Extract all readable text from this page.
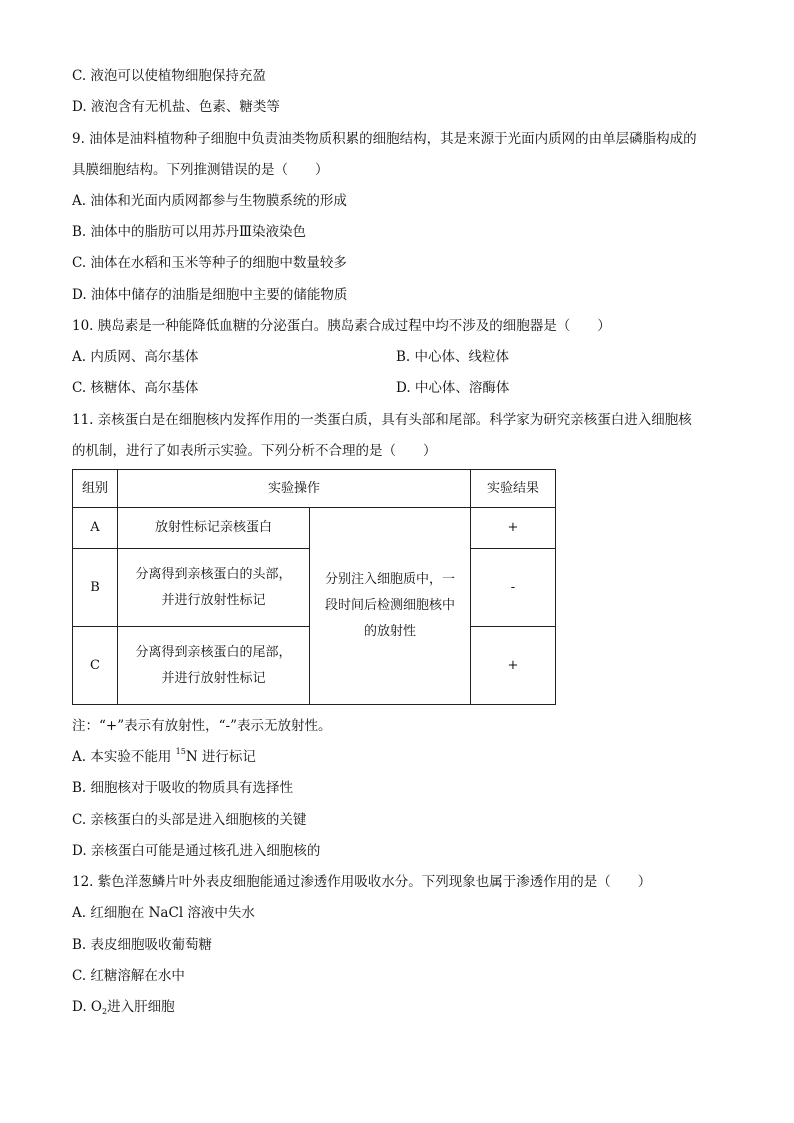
C. 液泡可以使植物细胞保持充盈
D. 液泡含有无机盐、色素、糖类等
9. 油体是油料植物种子细胞中负责油类物质积累的细胞结构，其是来源于光面内质网的由单层磷脂构成的
具膜细胞结构。下列推测错误的是（　　）
A. 油体和光面内质网都参与生物膜系统的形成
B. 油体中的脂肪可以用苏丹Ⅲ染液染色
C. 油体在水稻和玉米等种子的细胞中数量较多
D. 油体中储存的油脂是细胞中主要的储能物质
10. 胰岛素是一种能降低血糖的分泌蛋白。胰岛素合成过程中均不涉及的细胞器是（　　）
A. 内质网、高尔基体	B. 中心体、线粒体
C. 核糖体、高尔基体	D. 中心体、溶酶体
11. 亲核蛋白是在细胞核内发挥作用的一类蛋白质，具有头部和尾部。科学家为研究亲核蛋白进入细胞核
的机制，进行了如表所示实验。下列分析不合理的是（　　）
组别	实验操作		实验结果
A	放射性标记亲核蛋白	分别注入细胞质中，一
段时间后检测细胞核中
的放射性	+
B	分离得到亲核蛋白的头部，
并进行放射性标记		-
C	分离得到亲核蛋白的尾部，
并进行放射性标记		+
注：“+”表示有放射性，“-”表示无放射性。
A. 本实验不能用 $^{15}$N 进行标记
B. 细胞核对于吸收的物质具有选择性
C. 亲核蛋白的头部是进入细胞核的关键
D. 亲核蛋白可能是通过核孔进入细胞核的
12. 紫色洋葱鳞片叶外表皮细胞能通过渗透作用吸收水分。下列现象也属于渗透作用的是（　　）
A. 红细胞在 NaCl 溶液中失水
B. 表皮细胞吸收葡萄糖
C. 红糖溶解在水中
D. O2进入肝细胞
